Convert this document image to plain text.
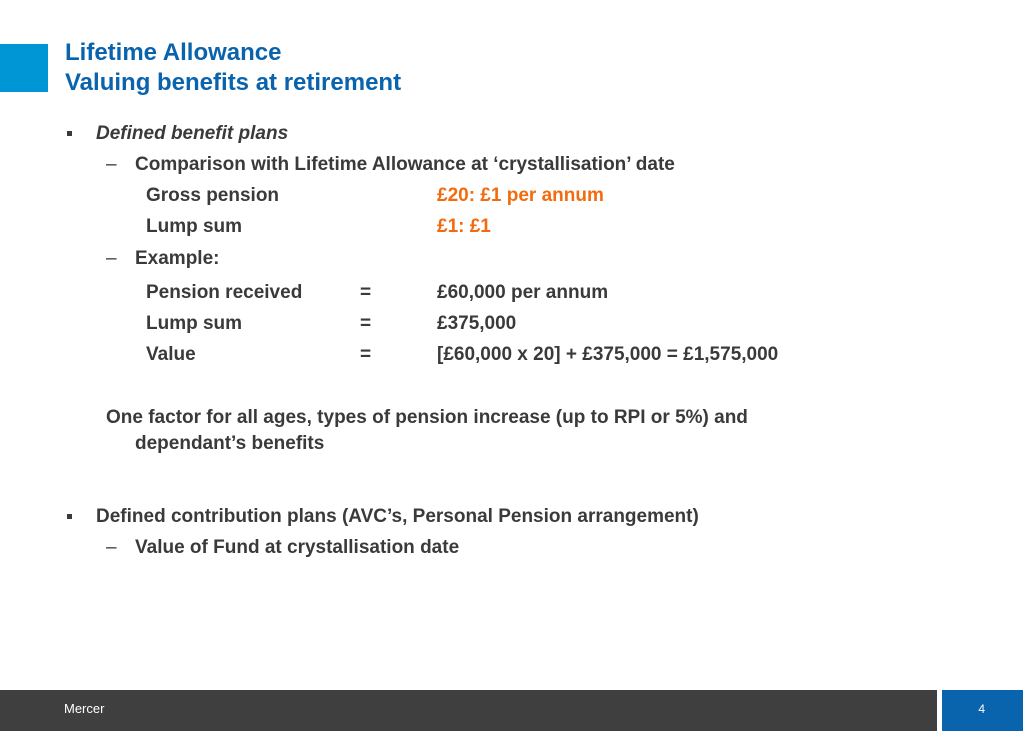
Lifetime Allowance
Valuing benefits at retirement
Defined benefit plans
– Comparison with Lifetime Allowance at ‘crystallisation’ date
Gross pension	£20: £1 per annum
Lump sum	£1: £1
– Example:
Pension received	=	£60,000 per annum
Lump sum	=	£375,000
Value	=	[£60,000 x 20] + £375,000 = £1,575,000
One factor for all ages, types of pension increase (up to RPI or 5%) and
dependant’s benefits
Defined contribution plans (AVC’s, Personal Pension arrangement)
– Value of Fund at crystallisation date
Mercer	4
